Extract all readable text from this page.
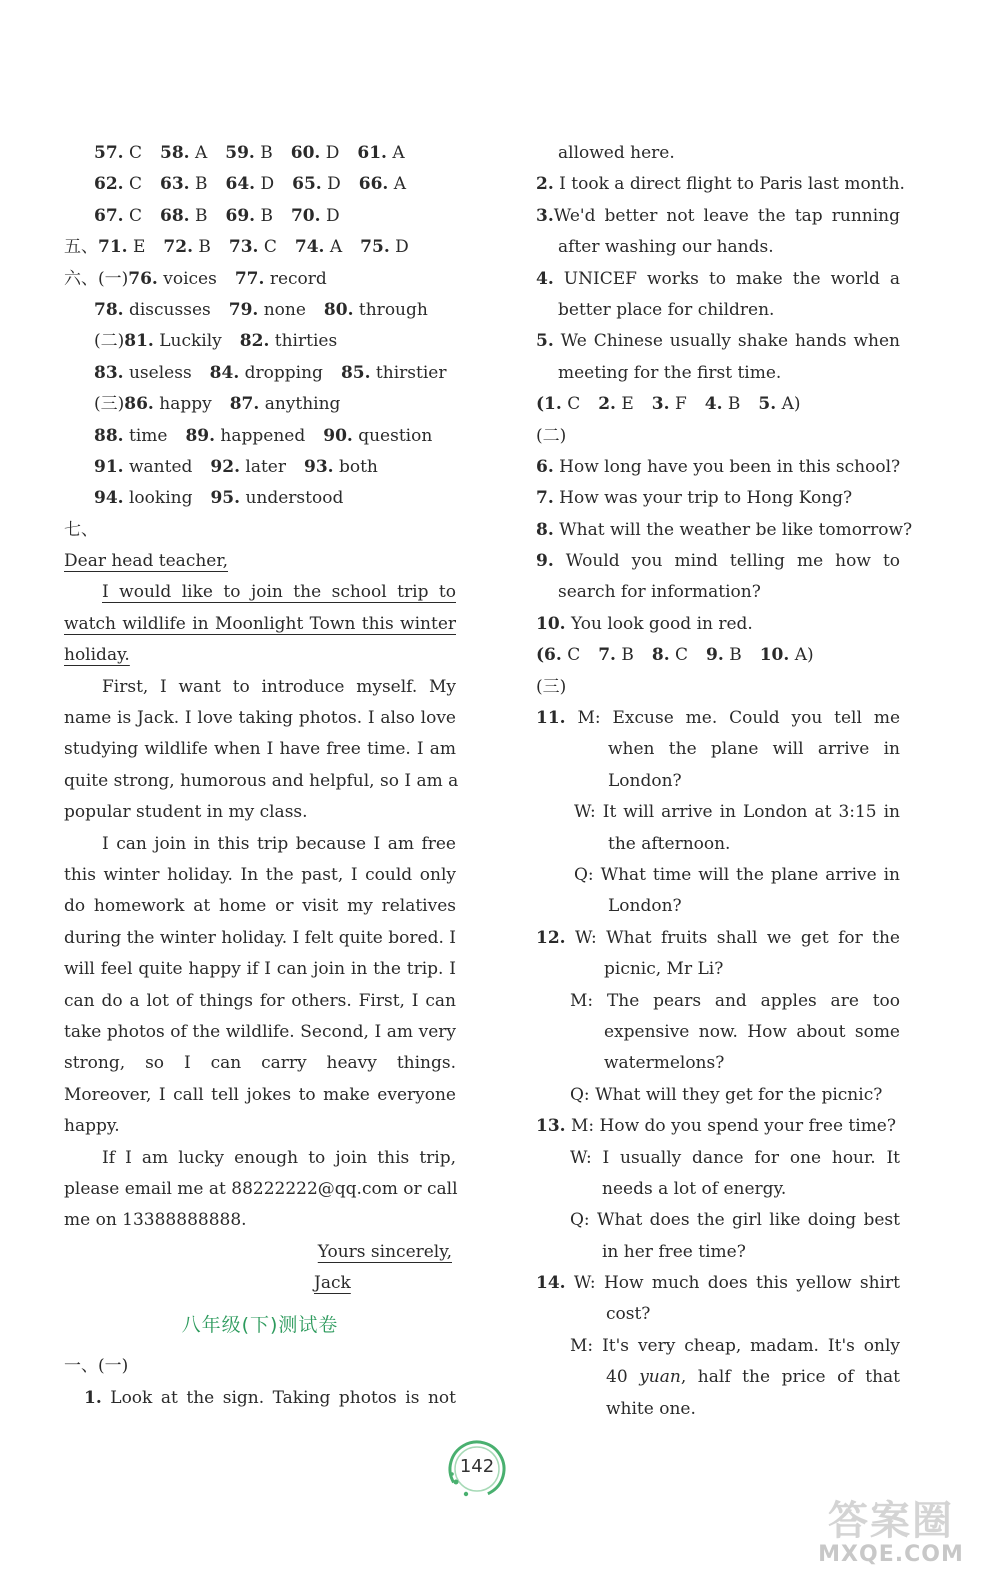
57. C 58. A 59. B 60. D 61. A
62. C 63. B 64. D 65. D 66. A
67. C 68. B 69. B 70. D
五、71. E 72. B 73. C 74. A 75. D
六、(一)76. voices 77. record
78. discusses 79. none 80. through
(二)81. Luckily 82. thirties
83. useless 84. dropping 85. thirstier
(三)86. happy 87. anything
88. time 89. happened 90. question
91. wanted 92. later 93. both
94. looking 95. understood
七、
Dear head teacher,
I would like to join the school trip to
watch wildlife in Moonlight Town this winter
holiday.
First, I want to introduce myself. My
name is Jack. I love taking photos. I also love
studying wildlife when I have free time. I am
quite strong, humorous and helpful, so I am a
popular student in my class.
I can join in this trip because I am free
this winter holiday. In the past, I could only
do homework at home or visit my relatives
during the winter holiday. I felt quite bored. I
will feel quite happy if I can join in the trip. I
can do a lot of things for others. First, I can
take photos of the wildlife. Second, I am very
strong, so I can carry heavy things.
Moreover, I call tell jokes to make everyone
happy.
If I am lucky enough to join this trip,
please email me at 88222222@qq.com or call
me on 13388888888.
Yours sincerely,
Jack
八年级(下)测试卷
一、(一)
1. Look at the sign. Taking photos is not
allowed here.
2. I took a direct flight to Paris last month.
3.We'd better not leave the tap running
after washing our hands.
4. UNICEF works to make the world a
better place for children.
5. We Chinese usually shake hands when
meeting for the first time.
(1. C 2. E 3. F 4. B 5. A)
(二)
6. How long have you been in this school?
7. How was your trip to Hong Kong?
8. What will the weather be like tomorrow?
9. Would you mind telling me how to
search for information?
10. You look good in red.
(6. C 7. B 8. C 9. B 10. A)
(三)
11. M: Excuse me. Could you tell me
when the plane will arrive in
London?
W: It will arrive in London at 3:15 in
the afternoon.
Q: What time will the plane arrive in
London?
12. W: What fruits shall we get for the
picnic, Mr Li?
M: The pears and apples are too
expensive now. How about some
watermelons?
Q: What will they get for the picnic?
13. M: How do you spend your free time?
W: I usually dance for one hour. It
needs a lot of energy.
Q: What does the girl like doing best
in her free time?
14. W: How much does this yellow shirt
cost?
M: It's very cheap, madam. It's only
40 yuan, half the price of that
white one.
142
答案圈
MXQE.COM
